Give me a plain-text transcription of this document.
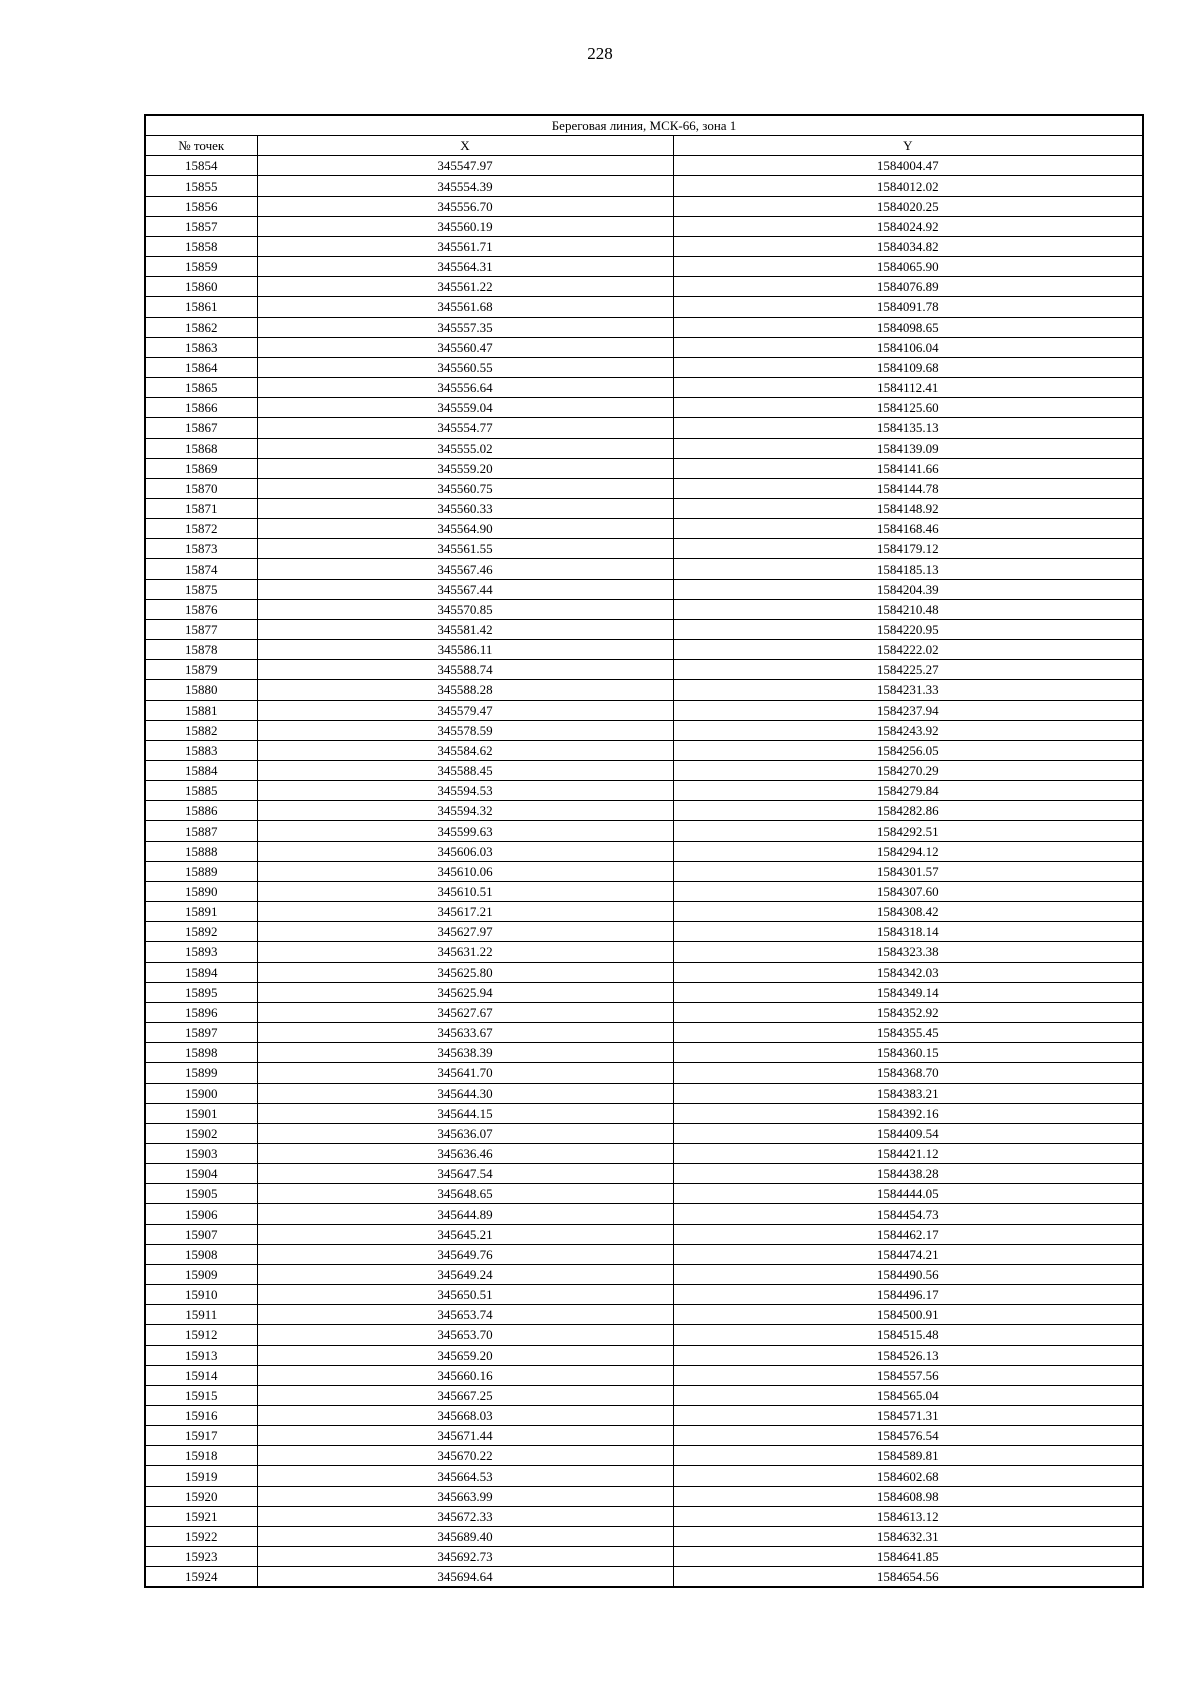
228
Береговая линия, МСК-66, зона 1		
№ точек	X	Y
15854	345547.97	1584004.47
15855	345554.39	1584012.02
15856	345556.70	1584020.25
15857	345560.19	1584024.92
15858	345561.71	1584034.82
15859	345564.31	1584065.90
15860	345561.22	1584076.89
15861	345561.68	1584091.78
15862	345557.35	1584098.65
15863	345560.47	1584106.04
15864	345560.55	1584109.68
15865	345556.64	1584112.41
15866	345559.04	1584125.60
15867	345554.77	1584135.13
15868	345555.02	1584139.09
15869	345559.20	1584141.66
15870	345560.75	1584144.78
15871	345560.33	1584148.92
15872	345564.90	1584168.46
15873	345561.55	1584179.12
15874	345567.46	1584185.13
15875	345567.44	1584204.39
15876	345570.85	1584210.48
15877	345581.42	1584220.95
15878	345586.11	1584222.02
15879	345588.74	1584225.27
15880	345588.28	1584231.33
15881	345579.47	1584237.94
15882	345578.59	1584243.92
15883	345584.62	1584256.05
15884	345588.45	1584270.29
15885	345594.53	1584279.84
15886	345594.32	1584282.86
15887	345599.63	1584292.51
15888	345606.03	1584294.12
15889	345610.06	1584301.57
15890	345610.51	1584307.60
15891	345617.21	1584308.42
15892	345627.97	1584318.14
15893	345631.22	1584323.38
15894	345625.80	1584342.03
15895	345625.94	1584349.14
15896	345627.67	1584352.92
15897	345633.67	1584355.45
15898	345638.39	1584360.15
15899	345641.70	1584368.70
15900	345644.30	1584383.21
15901	345644.15	1584392.16
15902	345636.07	1584409.54
15903	345636.46	1584421.12
15904	345647.54	1584438.28
15905	345648.65	1584444.05
15906	345644.89	1584454.73
15907	345645.21	1584462.17
15908	345649.76	1584474.21
15909	345649.24	1584490.56
15910	345650.51	1584496.17
15911	345653.74	1584500.91
15912	345653.70	1584515.48
15913	345659.20	1584526.13
15914	345660.16	1584557.56
15915	345667.25	1584565.04
15916	345668.03	1584571.31
15917	345671.44	1584576.54
15918	345670.22	1584589.81
15919	345664.53	1584602.68
15920	345663.99	1584608.98
15921	345672.33	1584613.12
15922	345689.40	1584632.31
15923	345692.73	1584641.85
15924	345694.64	1584654.56
